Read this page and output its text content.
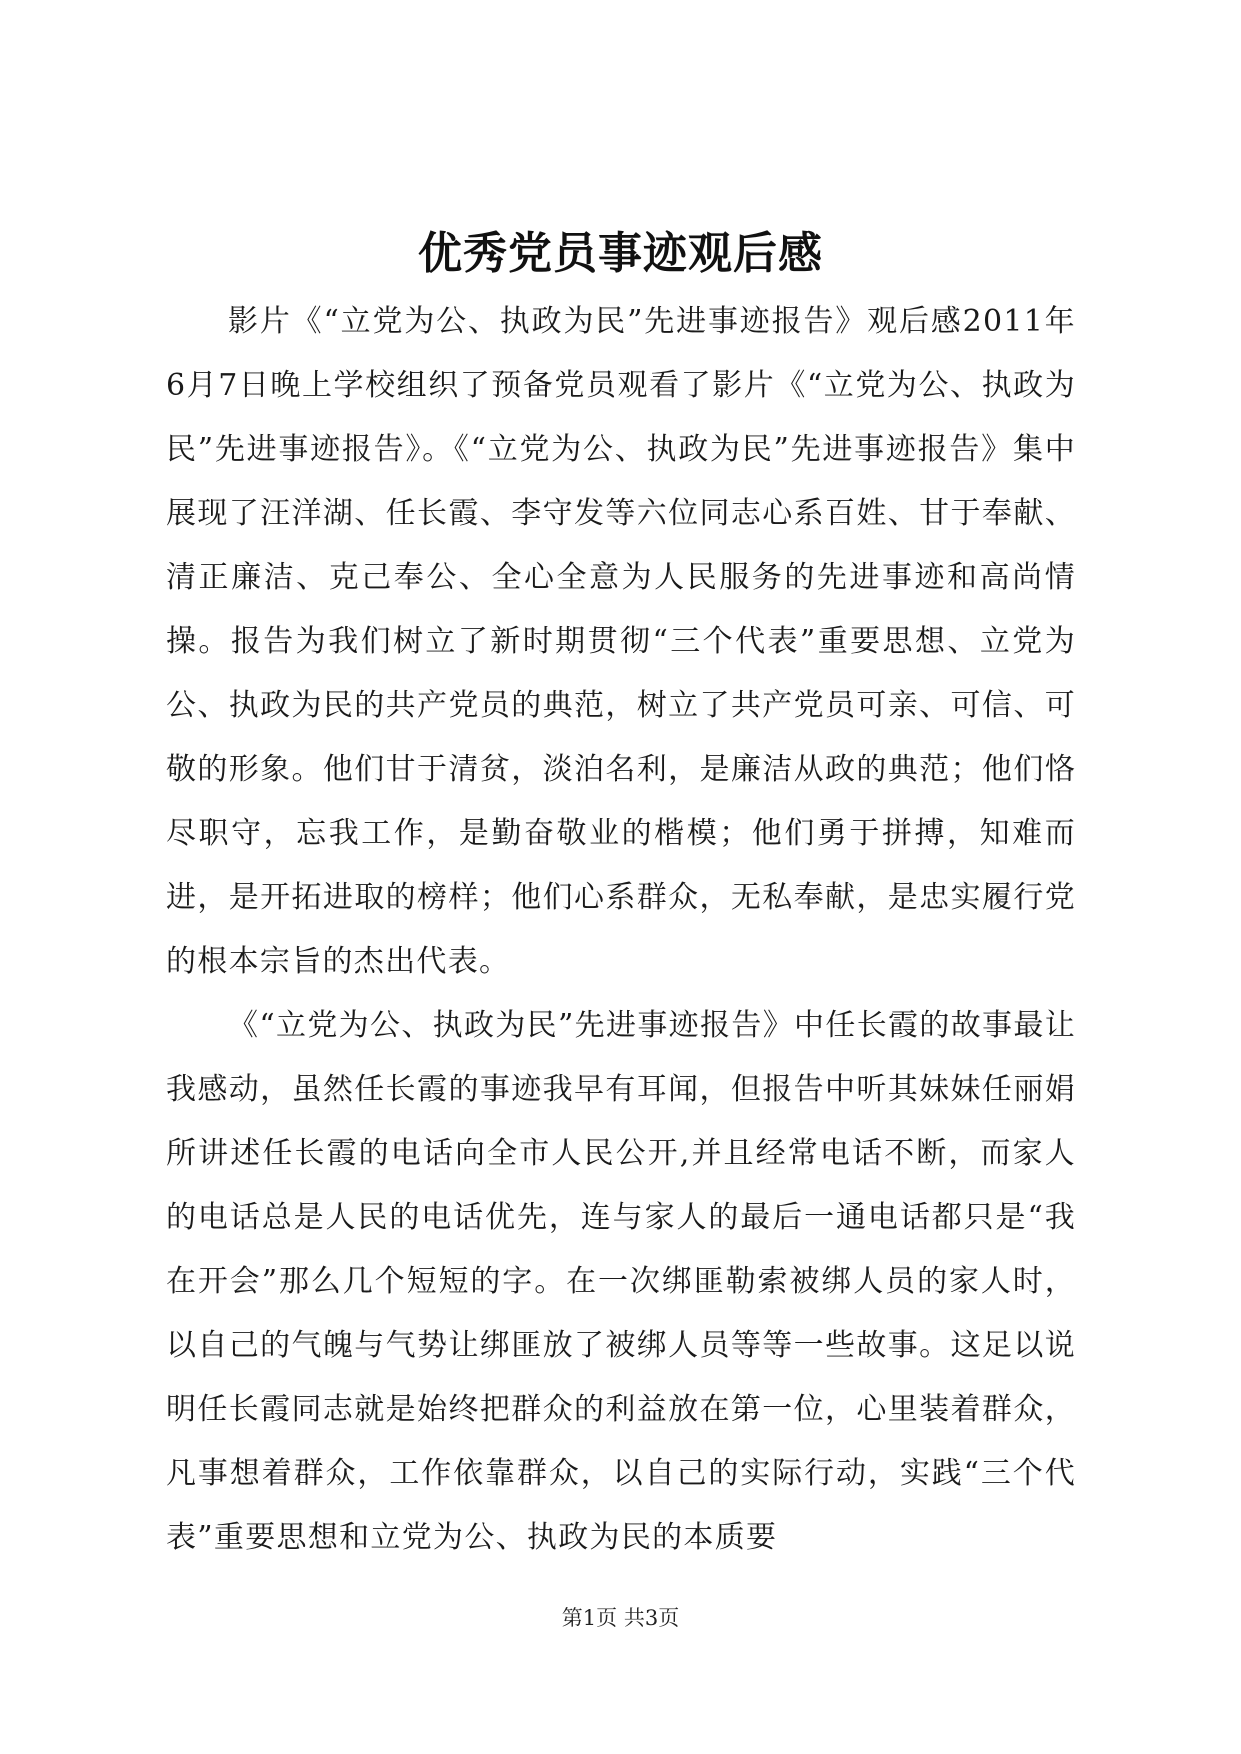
优秀党员事迹观后感

影片《“立党为公、执政为民”先进事迹报告》观后感2011年6月7日晚上学校组织了预备党员观看了影片《“立党为公、执政为民”先进事迹报告》。《“立党为公、执政为民”先进事迹报告》集中展现了汪洋湖、任长霞、李守发等六位同志心系百姓、甘于奉献、清正廉洁、克己奉公、全心全意为人民服务的先进事迹和高尚情操。报告为我们树立了新时期贯彻“三个代表”重要思想、立党为公、执政为民的共产党员的典范，树立了共产党员可亲、可信、可敬的形象。他们甘于清贫，淡泊名利，是廉洁从政的典范；他们恪尽职守，忘我工作，是勤奋敬业的楷模；他们勇于拼搏，知难而进，是开拓进取的榜样；他们心系群众，无私奉献，是忠实履行党的根本宗旨的杰出代表。

《“立党为公、执政为民”先进事迹报告》中任长霞的故事最让我感动，虽然任长霞的事迹我早有耳闻，但报告中听其妹妹任丽娟所讲述任长霞的电话向全市人民公开,并且经常电话不断，而家人的电话总是人民的电话优先，连与家人的最后一通电话都只是“我在开会”那么几个短短的字。在一次绑匪勒索被绑人员的家人时，以自己的气魄与气势让绑匪放了被绑人员等等一些故事。这足以说明任长霞同志就是始终把群众的利益放在第一位，心里装着群众，凡事想着群众，工作依靠群众，以自己的实际行动，实践“三个代表”重要思想和立党为公、执政为民的本质要

第1页 共3页
